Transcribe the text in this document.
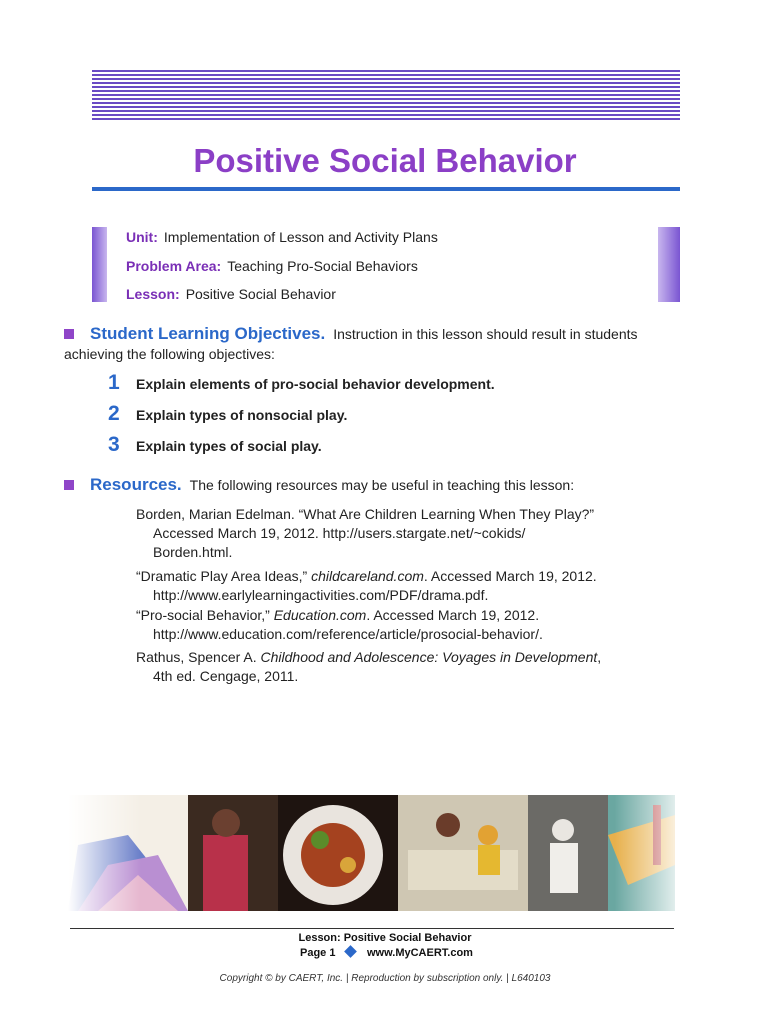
Positive Social Behavior
Unit: Implementation of Lesson and Activity Plans
Problem Area: Teaching Pro-Social Behaviors
Lesson: Positive Social Behavior
Student Learning Objectives. Instruction in this lesson should result in students
achieving the following objectives:
1 Explain elements of pro-social behavior development.
2 Explain types of nonsocial play.
3 Explain types of social play.
Resources. The following resources may be useful in teaching this lesson:
Borden, Marian Edelman. “What Are Children Learning When They Play?”
Accessed March 19, 2012. http://users.stargate.net/~cokids/
Borden.html.
“Dramatic Play Area Ideas,” childcareland.com. Accessed March 19, 2012.
http://www.earlylearningactivities.com/PDF/drama.pdf.
“Pro-social Behavior,” Education.com. Accessed March 19, 2012.
http://www.education.com/reference/article/prosocial-behavior/.
Rathus, Spencer A. Childhood and Adolescence: Voyages in Development,
4th ed. Cengage, 2011.
Lesson: Positive Social Behavior
Page 1	www.MyCAERT.com
Copyright © by CAERT, Inc. | Reproduction by subscription only. | L640103
